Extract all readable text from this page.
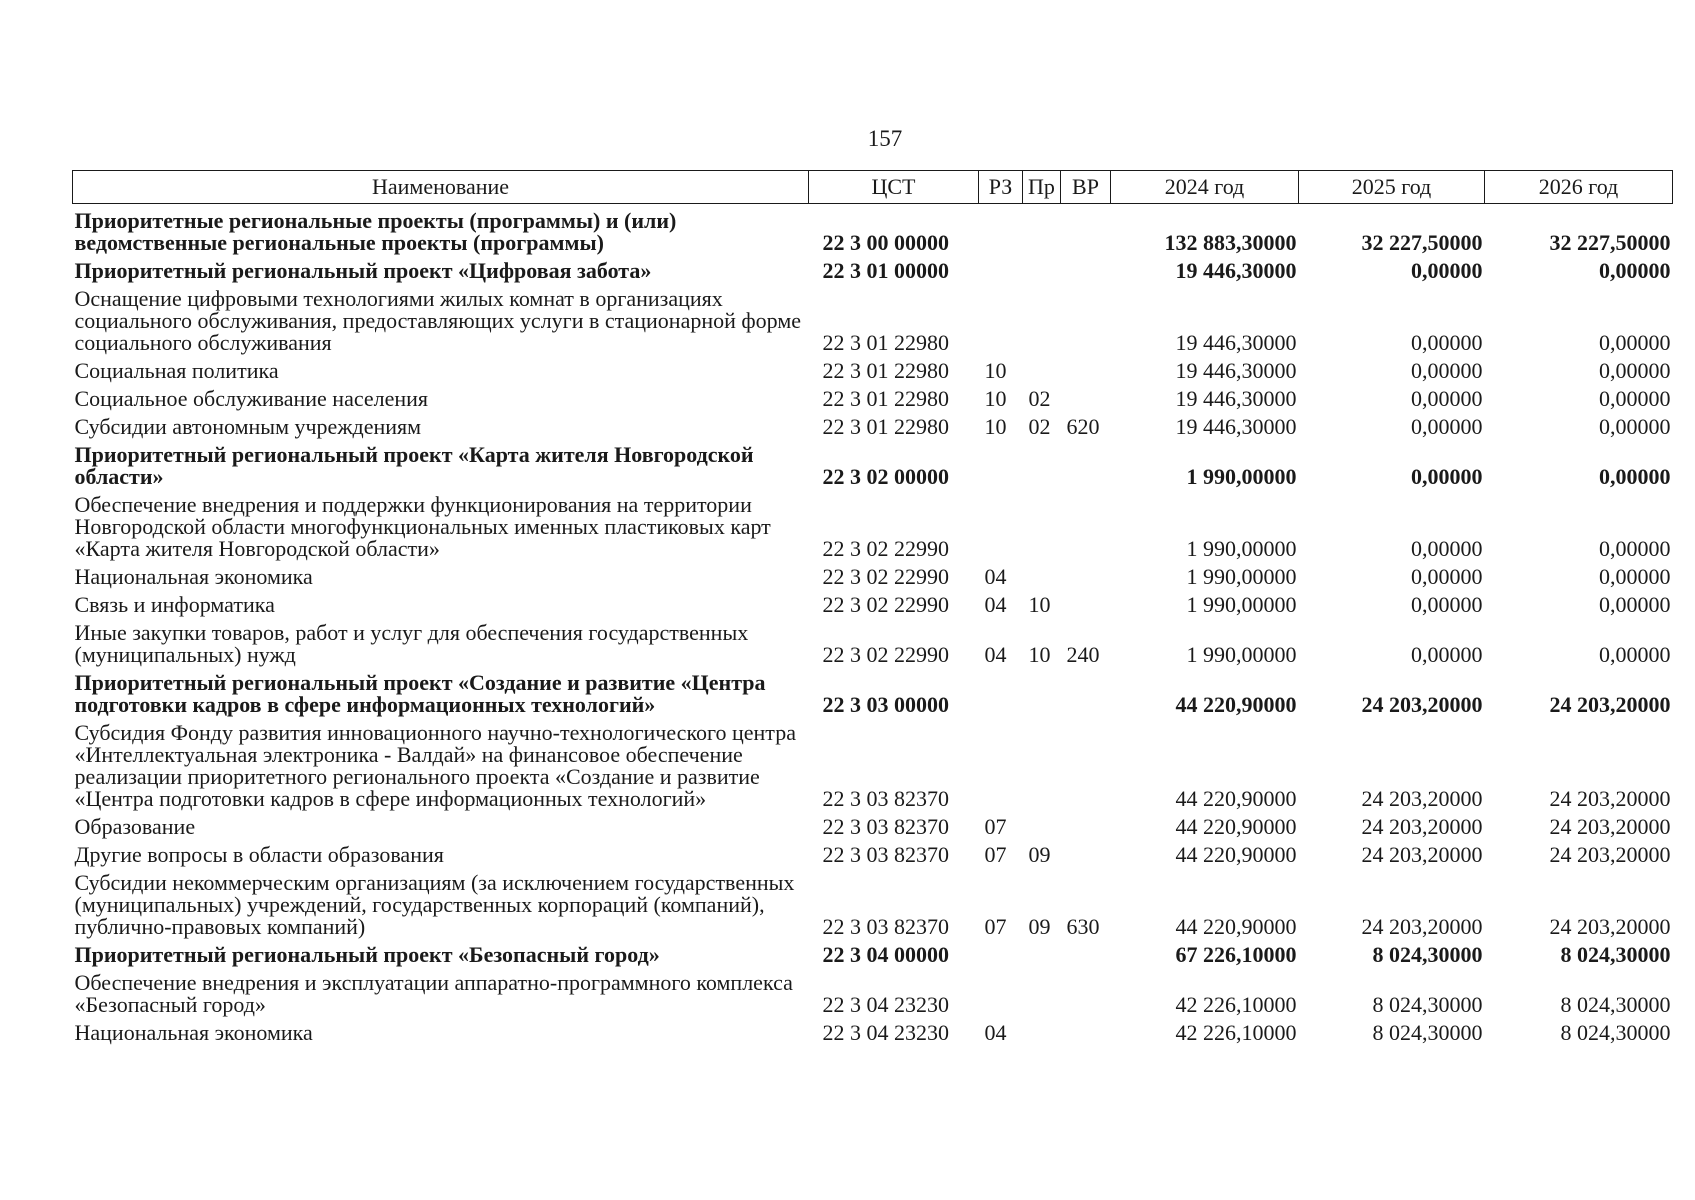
157
Наименование	ЦСТ	РЗ	Пр	ВР	2024 год	2025 год	2026 год
Приоритетные региональные проекты (программы) и (или) ведомственные региональные проекты (программы)	22 3 00 00000				132 883,30000	32 227,50000	32 227,50000
Приоритетный региональный проект «Цифровая забота»	22 3 01 00000				19 446,30000	0,00000	0,00000
Оснащение цифровыми технологиями жилых комнат в организациях социального обслуживания, предоставляющих услуги в стационарной форме социального обслуживания	22 3 01 22980				19 446,30000	0,00000	0,00000
Социальная политика	22 3 01 22980	10			19 446,30000	0,00000	0,00000
Социальное обслуживание населения	22 3 01 22980	10	02		19 446,30000	0,00000	0,00000
Субсидии автономным учреждениям	22 3 01 22980	10	02	620	19 446,30000	0,00000	0,00000
Приоритетный региональный проект «Карта жителя Новгородской области»	22 3 02 00000				1 990,00000	0,00000	0,00000
Обеспечение внедрения и поддержки функционирования на территории Новгородской области многофункциональных именных пластиковых карт «Карта жителя Новгородской области»	22 3 02 22990				1 990,00000	0,00000	0,00000
Национальная экономика	22 3 02 22990	04			1 990,00000	0,00000	0,00000
Связь и информатика	22 3 02 22990	04	10		1 990,00000	0,00000	0,00000
Иные закупки товаров, работ и услуг для обеспечения государственных (муниципальных) нужд	22 3 02 22990	04	10	240	1 990,00000	0,00000	0,00000
Приоритетный региональный проект «Создание и развитие «Центра подготовки кадров в сфере информационных технологий»	22 3 03 00000				44 220,90000	24 203,20000	24 203,20000
Субсидия Фонду развития инновационного научно-технологического центра «Интеллектуальная электроника - Валдай» на финансовое обеспечение реализации приоритетного регионального проекта «Создание и развитие «Центра подготовки кадров в сфере информационных технологий»	22 3 03 82370				44 220,90000	24 203,20000	24 203,20000
Образование	22 3 03 82370	07			44 220,90000	24 203,20000	24 203,20000
Другие вопросы в области образования	22 3 03 82370	07	09		44 220,90000	24 203,20000	24 203,20000
Субсидии некоммерческим организациям (за исключением государственных (муниципальных) учреждений, государственных корпораций (компаний), публично-правовых компаний)	22 3 03 82370	07	09	630	44 220,90000	24 203,20000	24 203,20000
Приоритетный региональный проект «Безопасный город»	22 3 04 00000				67 226,10000	8 024,30000	8 024,30000
Обеспечение внедрения и эксплуатации аппаратно-программного комплекса «Безопасный город»	22 3 04 23230				42 226,10000	8 024,30000	8 024,30000
Национальная экономика	22 3 04 23230	04			42 226,10000	8 024,30000	8 024,30000
